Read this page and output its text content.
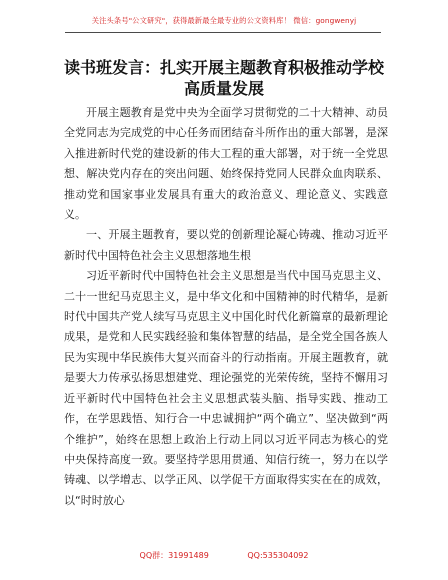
关注头条号"公文研究"，获得最新最全最专业的公文资料库！ 微信：gongwenyj
读书班发言：扎实开展主题教育积极推动学校
高质量发展

开展主题教育是党中央为全面学习贯彻党的二十大精神、动员全党同志为完成党的中心任务而团结奋斗所作出的重大部署，是深入推进新时代党的建设新的伟大工程的重大部署，对于统一全党思想、解决党内存在的突出问题、始终保持党同人民群众血肉联系、推动党和国家事业发展具有重大的政治意义、理论意义、实践意义。

一、开展主题教育，要以党的创新理论凝心铸魂、推动习近平新时代中国特色社会主义思想落地生根

习近平新时代中国特色社会主义思想是当代中国马克思主义、二十一世纪马克思主义，是中华文化和中国精神的时代精华，是新时代中国共产党人续写马克思主义中国化时代化新篇章的最新理论成果，是党和人民实践经验和集体智慧的结晶，是全党全国各族人民为实现中华民族伟大复兴而奋斗的行动指南。开展主题教育，就是要大力传承弘扬思想建党、理论强党的光荣传统，坚持不懈用习近平新时代中国特色社会主义思想武装头脑、指导实践、推动工作，在学思践悟、知行合一中忠诚拥护“两个确立”、坚决做到“两个维护”，始终在思想上政治上行动上同以习近平同志为核心的党中央保持高度一致。要坚持学思用贯通、知信行统一，努力在以学铸魂、以学增志、以学正风、以学促干方面取得实实在在的成效，以“时时放心

QQ群：31991489	QQ:535304092
